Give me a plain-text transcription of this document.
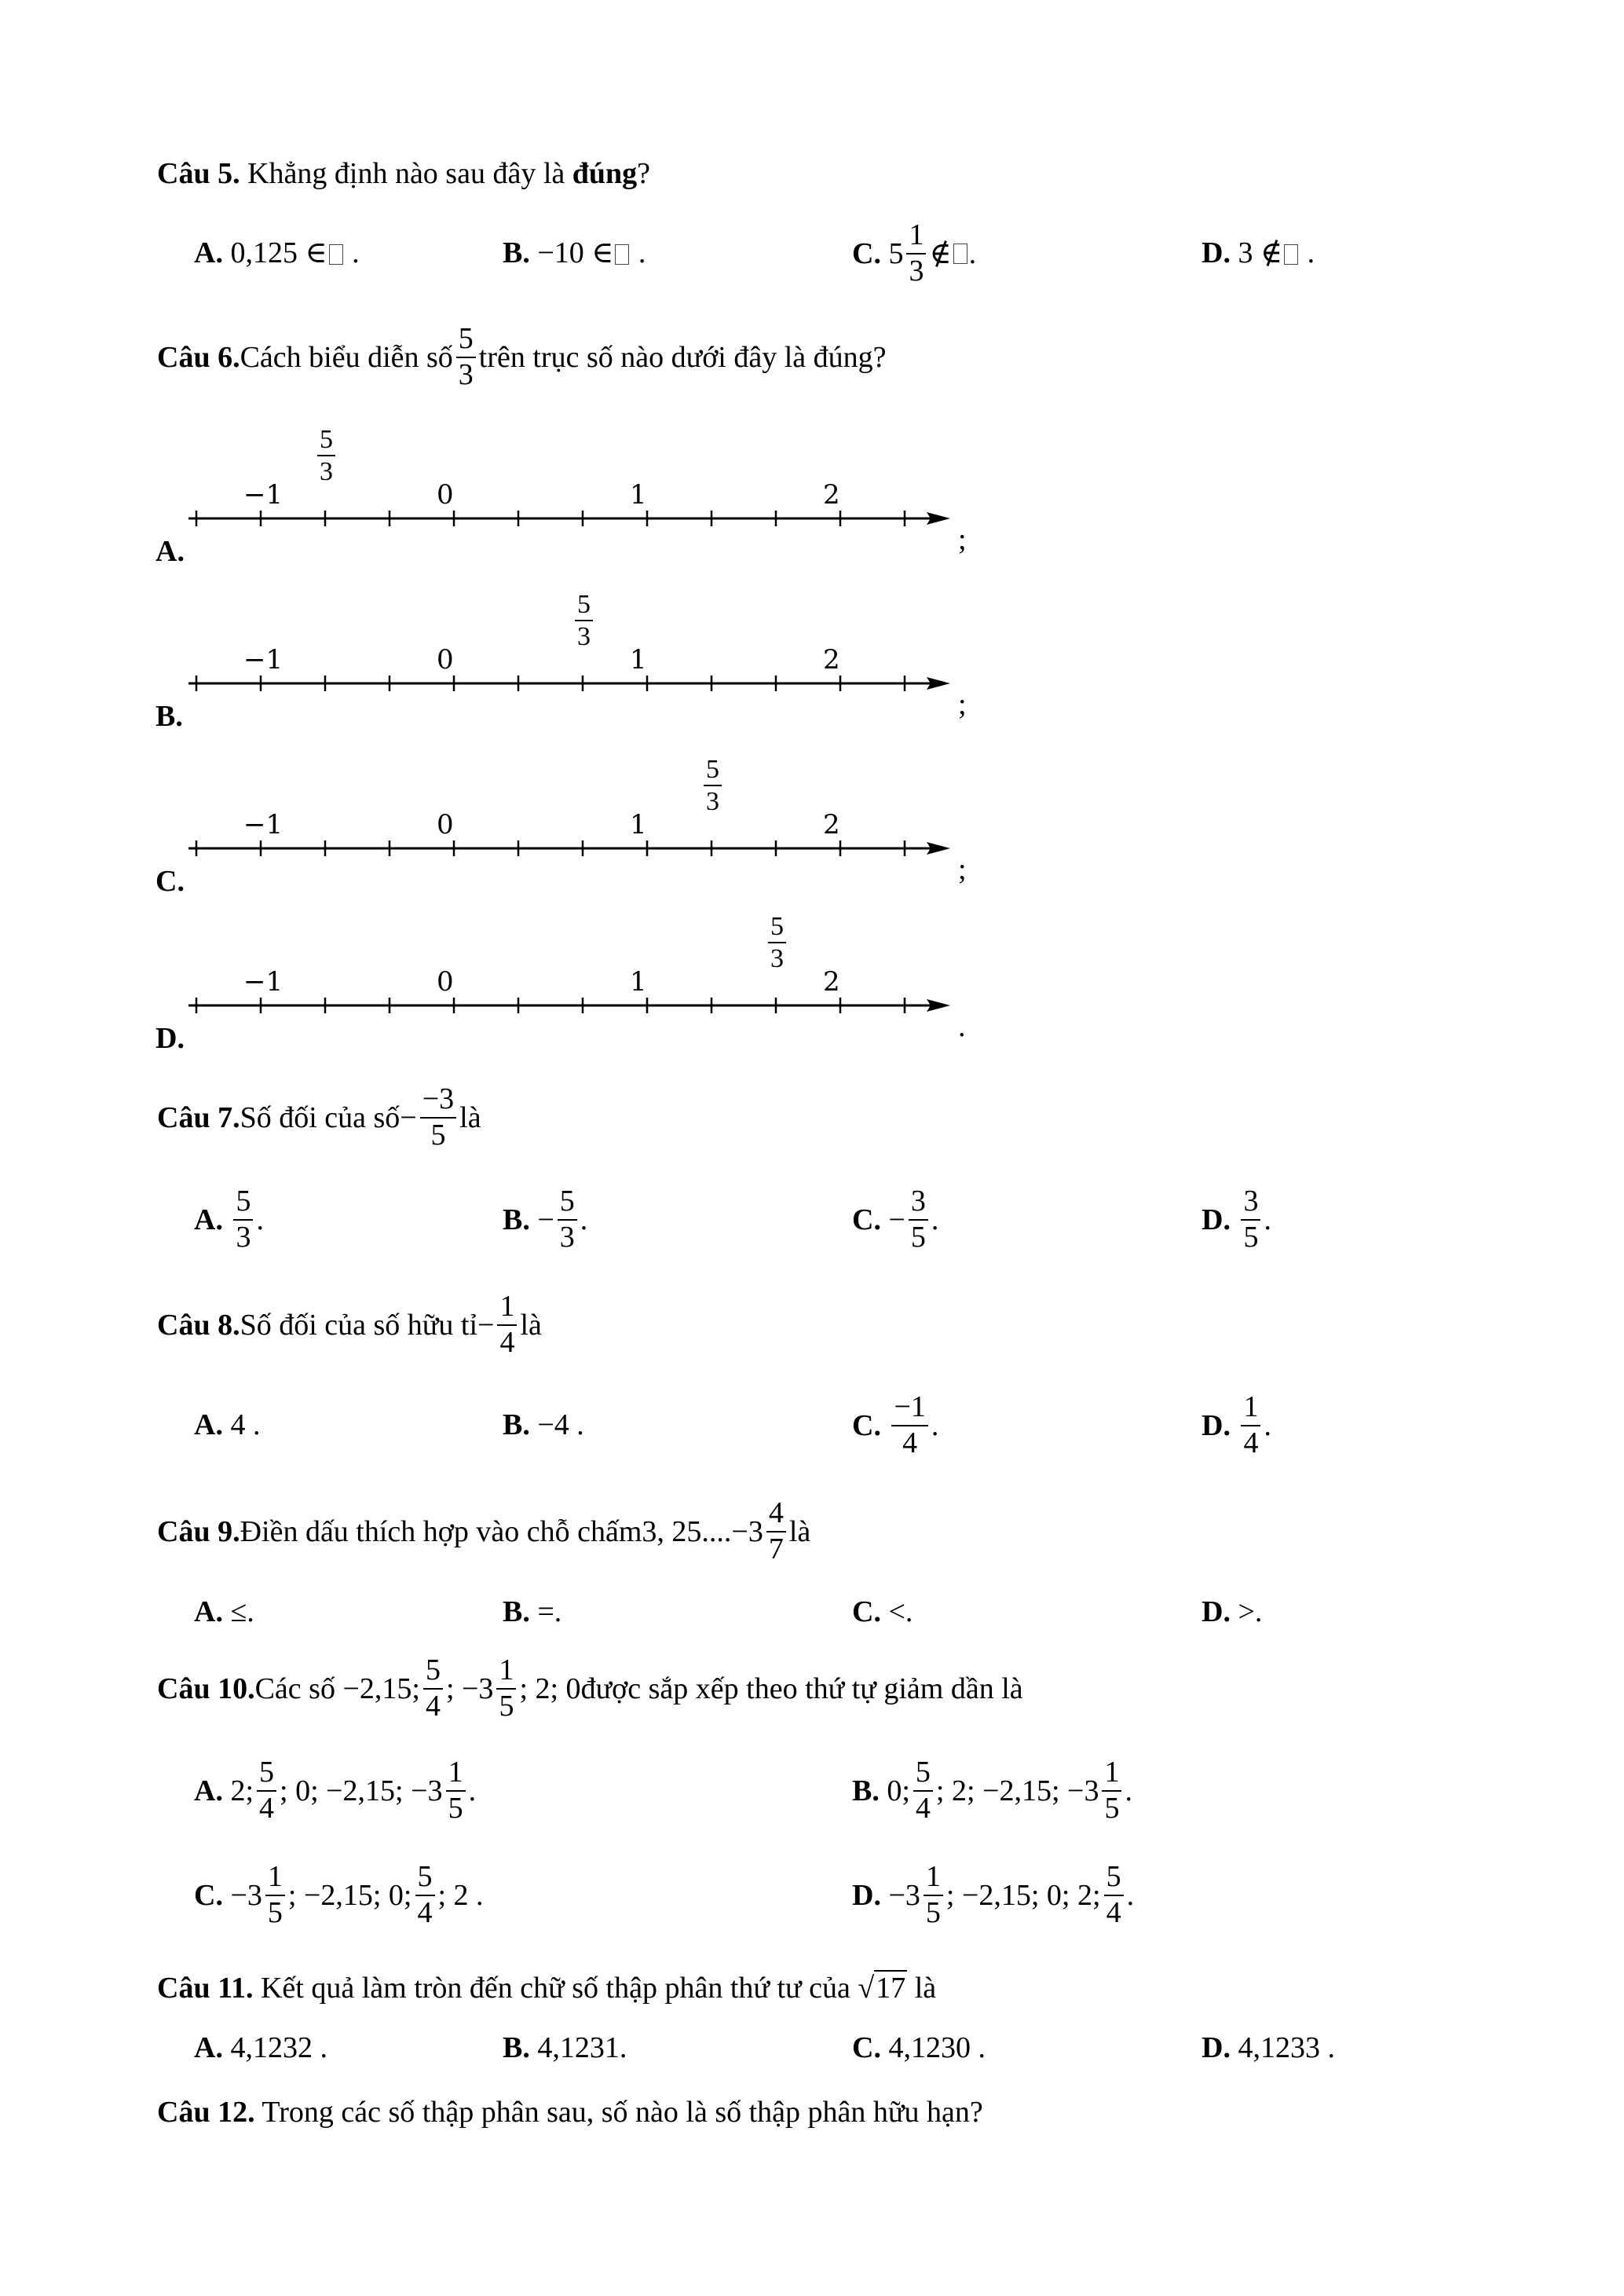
Câu 5. Khẳng định nào sau đây là đúng?
A. 0,125 ∈ .	B. −10 ∈ .	C.
$5 \frac{1}{3}$ ∉ .	D. 3 ∉ .
Câu 6. Cách biểu diễn số $\frac{5}{3}$ trên trục số nào dưới đây là đúng?
A.
−1	0	1	2
$\frac{5}{3}$
;
B.
−1	0	1	2
$\frac{5}{3}$
;
C.
−1	0	1	2
$\frac{5}{3}$
;
D.
−1	0	1	2
$\frac{5}{3}$
.
Câu 7. Số đối của số − $\frac{-3}{5}$ là
A.
$\frac{5}{3}$ .	B.
− $\frac{5}{3}$ .	C.
− $\frac{3}{5}$ .	D.
$\frac{3}{5}$ .
Câu 8. Số đối của số hữu tỉ − $\frac{1}{4}$ là
A. 4 .	B. −4 .	C.
$\frac{-1}{4}$ .	D.
$\frac{1}{4}$ .
Câu 9. Điền dấu thích hợp vào chỗ chấm 3, $25....-3 \frac{4}{7}$ là
A. ≤.	B. =.	C. <.	D. >.
Câu 10. Các số −2,15; $\frac{5}{4}$ ; $-3 \frac{1}{5}$ ; 2; 0 được sắp xếp theo thứ tự giảm dần là
A. 2; $\frac{5}{4}$ ; 0; −2,15; $-3 \frac{1}{5}$ .	B. 0; $\frac{5}{4}$ ; 2; −2,15; $-3 \frac{1}{5}$ .
C. $-3 \frac{1}{5}$ ; −2,15; 0; $\frac{5}{4}$ ; 2 .	D. $-3 \frac{1}{5}$ ; −2,15; 0; 2; $\frac{5}{4}$ .
Câu 11. Kết quả làm tròn đến chữ số thập phân thứ tư của √17 là
A. 4,1232 .	B. 4,1231.	C. 4,1230 .	D. 4,1233 .
Câu 12. Trong các số thập phân sau, số nào là số thập phân hữu hạn?
